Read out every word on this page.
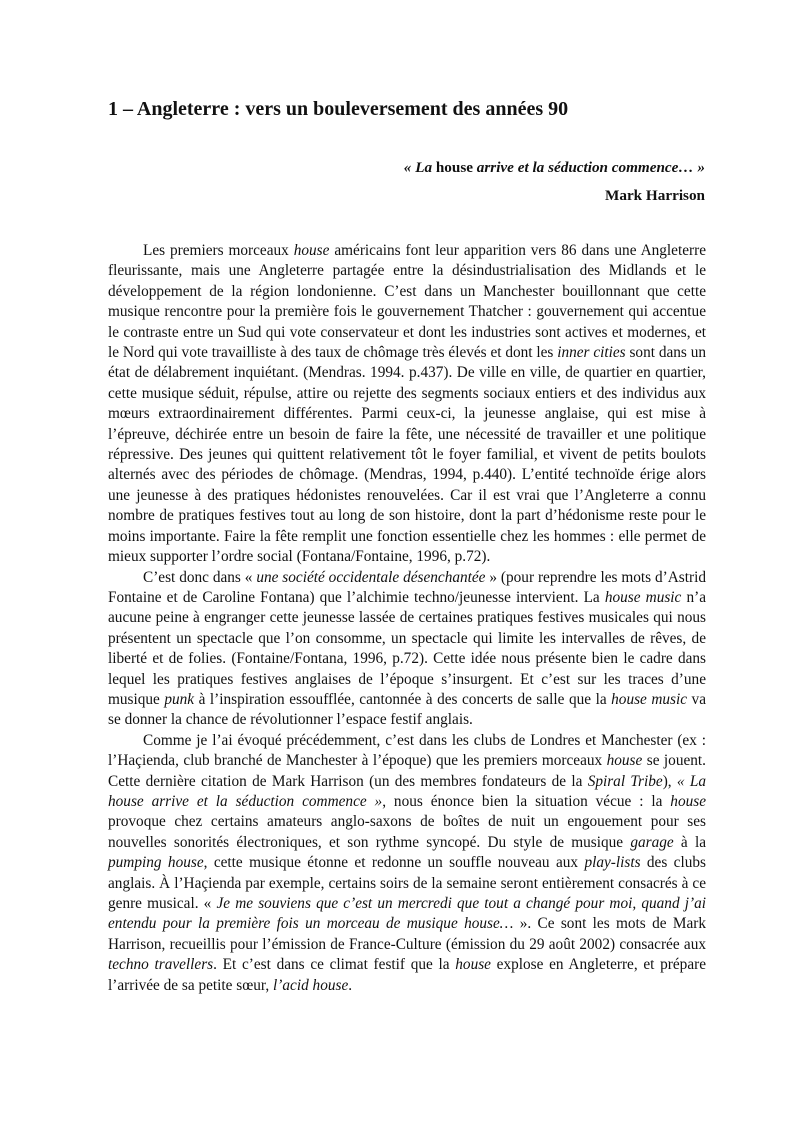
1 – Angleterre : vers un bouleversement des années 90
« La house arrive et la séduction commence… »
Mark Harrison

Les premiers morceaux house américains font leur apparition vers 86 dans une Angleterre fleurissante, mais une Angleterre partagée entre la désindustrialisation des Midlands et le développement de la région londonienne. C’est dans un Manchester bouillonnant que cette musique rencontre pour la première fois le gouvernement Thatcher : gouvernement qui accentue le contraste entre un Sud qui vote conservateur et dont les industries sont actives et modernes, et le Nord qui vote travailliste à des taux de chômage très élevés et dont les inner cities sont dans un état de délabrement inquiétant. (Mendras. 1994. p.437). De ville en ville, de quartier en quartier, cette musique séduit, répulse, attire ou rejette des segments sociaux entiers et des individus aux mœurs extraordinairement différentes. Parmi ceux-ci, la jeunesse anglaise, qui est mise à l’épreuve, déchirée entre un besoin de faire la fête, une nécessité de travailler et une politique répressive. Des jeunes qui quittent relativement tôt le foyer familial, et vivent de petits boulots alternés avec des périodes de chômage. (Mendras, 1994, p.440). L’entité technoïde érige alors une jeunesse à des pratiques hédonistes renouvelées. Car il est vrai que l’Angleterre a connu nombre de pratiques festives tout au long de son histoire, dont la part d’hédonisme reste pour le moins importante. Faire la fête remplit une fonction essentielle chez les hommes : elle permet de mieux supporter l’ordre social (Fontana/Fontaine, 1996, p.72).

C’est donc dans « une société occidentale désenchantée » (pour reprendre les mots d’Astrid Fontaine et de Caroline Fontana) que l’alchimie techno/jeunesse intervient. La house music n’a aucune peine à engranger cette jeunesse lassée de certaines pratiques festives musicales qui nous présentent un spectacle que l’on consomme, un spectacle qui limite les intervalles de rêves, de liberté et de folies. (Fontaine/Fontana, 1996, p.72). Cette idée nous présente bien le cadre dans lequel les pratiques festives anglaises de l’époque s’insurgent. Et c’est sur les traces d’une musique punk à l’inspiration essoufflée, cantonnée à des concerts de salle que la house music va se donner la chance de révolutionner l’espace festif anglais.

Comme je l’ai évoqué précédemment, c’est dans les clubs de Londres et Manchester (ex : l’Haçienda, club branché de Manchester à l’époque) que les premiers morceaux house se jouent. Cette dernière citation de Mark Harrison (un des membres fondateurs de la Spiral Tribe), « La house arrive et la séduction commence », nous énonce bien la situation vécue : la house provoque chez certains amateurs anglo-saxons de boîtes de nuit un engouement pour ses nouvelles sonorités électroniques, et son rythme syncopé. Du style de musique garage à la pumping house, cette musique étonne et redonne un souffle nouveau aux play-lists des clubs anglais. À l’Haçienda par exemple, certains soirs de la semaine seront entièrement consacrés à ce genre musical. « Je me souviens que c’est un mercredi que tout a changé pour moi, quand j’ai entendu pour la première fois un morceau de musique house… ». Ce sont les mots de Mark Harrison, recueillis pour l’émission de France-Culture (émission du 29 août 2002) consacrée aux techno travellers. Et c’est dans ce climat festif que la house explose en Angleterre, et prépare l’arrivée de sa petite sœur, l’acid house.
